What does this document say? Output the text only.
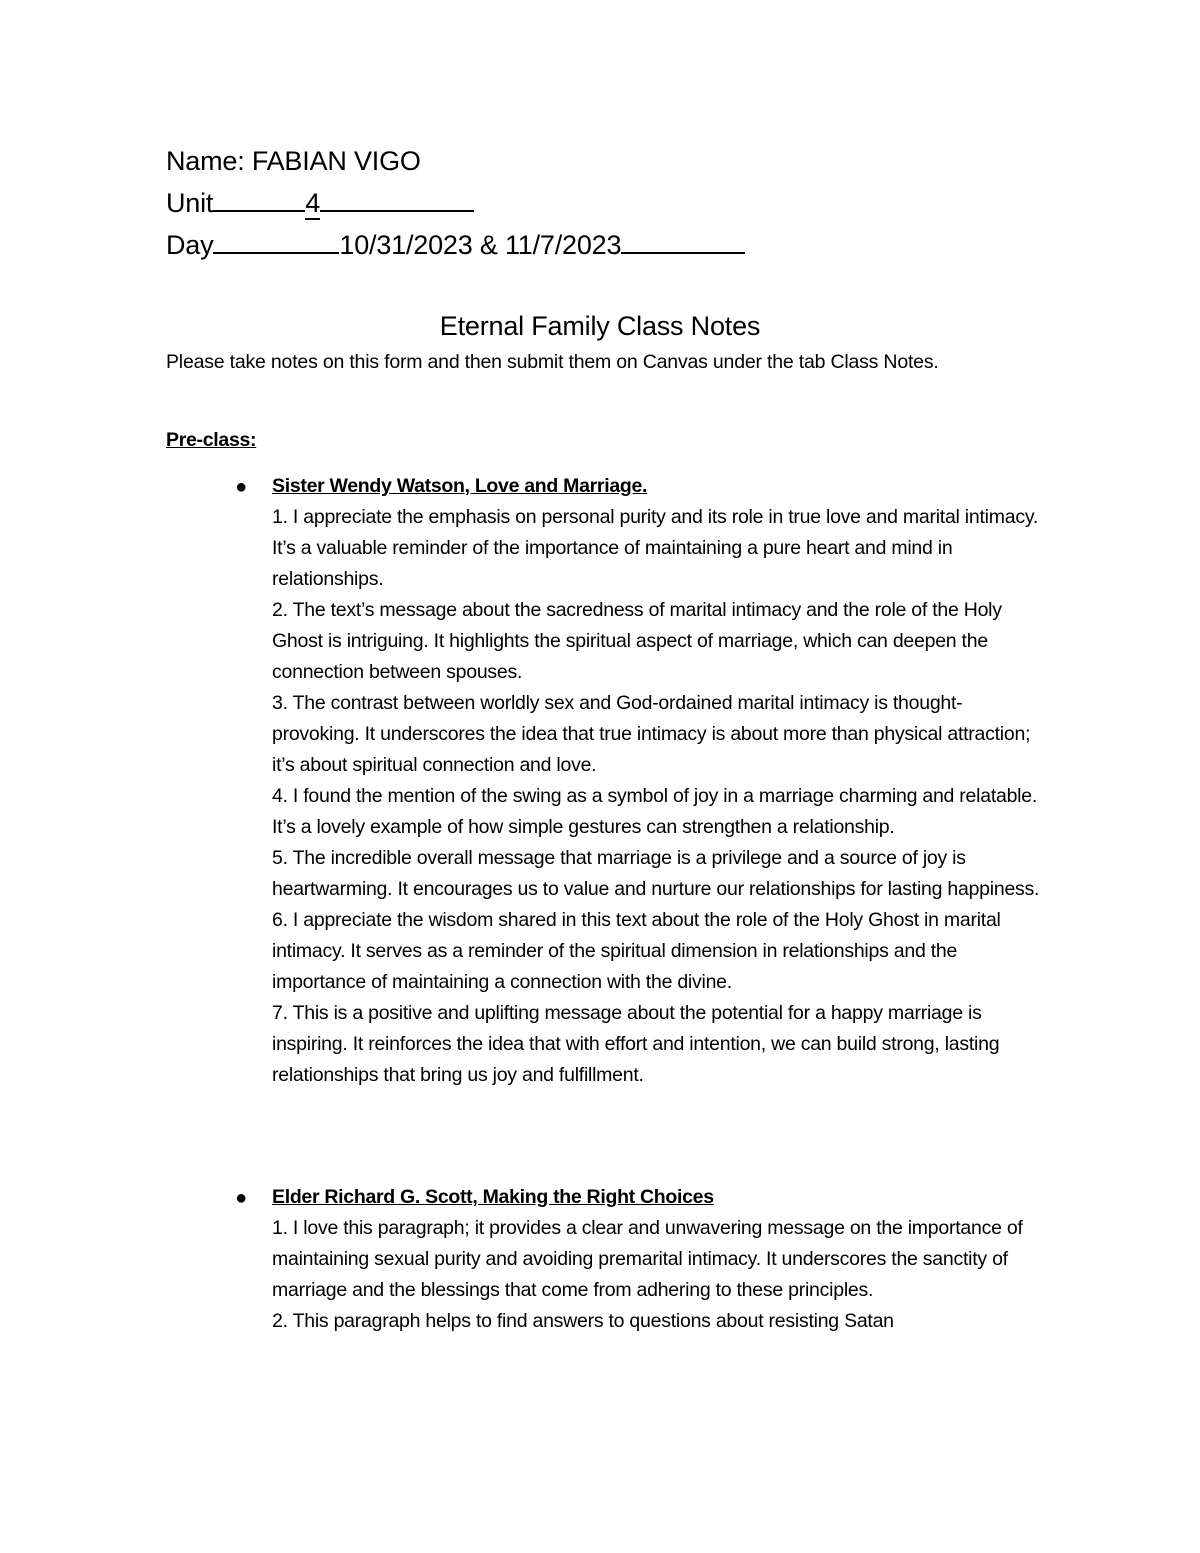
Name: FABIAN VIGO
Unit	4
Day	10/31/2023 & 11/7/2023
Eternal Family Class Notes
Please take notes on this form and then submit them on Canvas under the tab Class Notes.
Pre-class:
● Sister Wendy Watson, Love and Marriage.
1. I appreciate the emphasis on personal purity and its role in true love and marital intimacy. It’s a valuable reminder of the importance of maintaining a pure heart and mind in relationships.
2. The text’s message about the sacredness of marital intimacy and the role of the Holy Ghost is intriguing. It highlights the spiritual aspect of marriage, which can deepen the connection between spouses.
3. The contrast between worldly sex and God-ordained marital intimacy is thought-provoking. It underscores the idea that true intimacy is about more than physical attraction; it’s about spiritual connection and love.
4. I found the mention of the swing as a symbol of joy in a marriage charming and relatable. It’s a lovely example of how simple gestures can strengthen a relationship.
5. The incredible overall message that marriage is a privilege and a source of joy is heartwarming. It encourages us to value and nurture our relationships for lasting happiness.
6. I appreciate the wisdom shared in this text about the role of the Holy Ghost in marital intimacy. It serves as a reminder of the spiritual dimension in relationships and the importance of maintaining a connection with the divine.
7. This is a positive and uplifting message about the potential for a happy marriage is inspiring. It reinforces the idea that with effort and intention, we can build strong, lasting relationships that bring us joy and fulfillment.
● Elder Richard G. Scott, Making the Right Choices
1. I love this paragraph; it provides a clear and unwavering message on the importance of maintaining sexual purity and avoiding premarital intimacy. It underscores the sanctity of marriage and the blessings that come from adhering to these principles.
2. This paragraph helps to find answers to questions about resisting Satan
